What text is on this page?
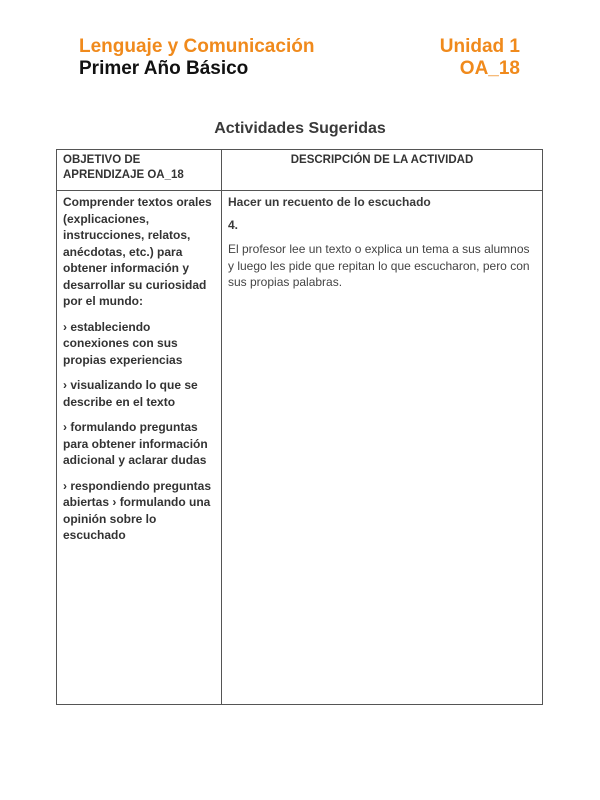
Lenguaje y Comunicación
Primer Año Básico
Unidad 1
OA_18
Actividades Sugeridas
OBJETIVO DE APRENDIZAJE OA_18
DESCRIPCIÓN DE LA ACTIVIDAD

Comprender textos orales (explicaciones, instrucciones, relatos, anécdotas, etc.) para obtener información y desarrollar su curiosidad por el mundo:

› estableciendo conexiones con sus propias experiencias

› visualizando lo que se describe en el texto

› formulando preguntas para obtener información adicional y aclarar dudas

› respondiendo preguntas abiertas › formulando una opinión sobre lo escuchado

Hacer un recuento de lo escuchado

4.

El profesor lee un texto o explica un tema a sus alumnos y luego les pide que repitan lo que escucharon, pero con sus propias palabras.
